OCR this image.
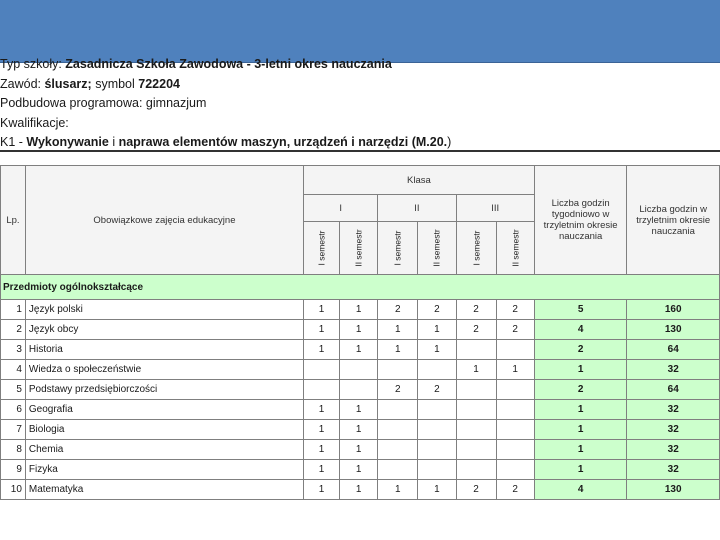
Typ szkoły: Zasadnicza Szkoła Zawodowa - 3-letni okres nauczania
Zawód: ślusarz; symbol 722204
Podbudowa programowa: gimnazjum
Kwalifikacje:
K1 - Wykonywanie i naprawa elementów maszyn, urządzeń i narzędzi (M.20.)
Lp.	Obowiązkowe zajęcia edukacyjne	Klasa						Liczba godzin tygodniowo w trzyletnim okresie nauczania	Liczba godzin w trzyletnim okresie nauczania
		I		II		III			
		I semestr	II semestr	I semestr	II semestr	I semestr	II semestr		
Przedmioty ogólnokształcące									
1	Język polski	1	1	2	2	2	2	5	160
2	Język obcy	1	1	1	1	2	2	4	130
3	Historia	1	1	1	1			2	64
4	Wiedza o społeczeństwie					1	1	1	32
5	Podstawy przedsiębiorczości			2	2			2	64
6	Geografia	1	1					1	32
7	Biologia	1	1					1	32
8	Chemia	1	1					1	32
9	Fizyka	1	1					1	32
10	Matematyka	1	1	1	1	2	2	4	130
